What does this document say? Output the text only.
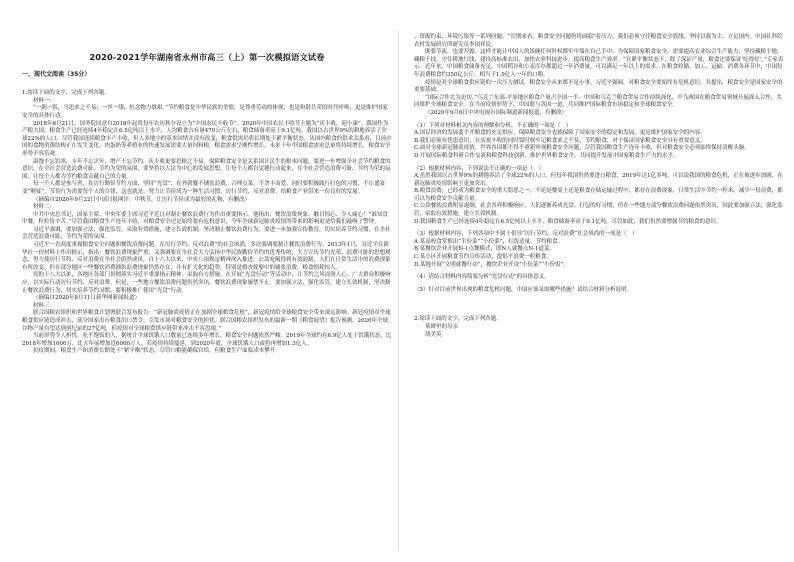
2020-2021学年湖南省永州市高三（上）第一次模拟语文试卷
一、现代文阅读（35分）

1.阅读下面的文字，完成下列各题。

材料一：

“一粥一饭，当思来之不易；一丝一缕，恒念物力维艰。”节约粮食是中华民族的美德，是尊重劳动的体现，也是和谐共荣的时代呼唤，更是维护国家安全的具体行动。

2018年6月21日，国务院同意自2018年起将每年农历秋分设立为“中国农民丰收节”。2020年中国农民丰收节主题为“庆丰收，迎小康”。我国作为产粮大国，粮食生产已经连续4年稳定在6.5亿吨以上水平，人均粮食占有量470公斤左右，粮食储备率高于9.1亿吨。我国以占世界9%的耕地养活了全球22%的人口，尽管我国连续粮食丰产丰收，但人多地少的基本国情并没有改变，粮食供需仍将长期处于紧平衡状态。从国内粮食的供求关系看，目前中国的食物消费结构正在发生变化，肉蛋奶等养殖业的快速发展需要大量饲料粮，粮食需求呈刚性增长。未来十年中国粮食需求总量将持续增长，粮食安全形势不容乐观。

温饱不忘饥寒，丰年不忘灾年，增产不忘节约，庆丰收更要思粮之不易。保障粮食安全是关系国计民生的根本问题，要进一步增强全社会节约粮食的意识，在全社会营造浪费可耻、节约为荣的氛围，要坚持以人民为中心的发展思想，让每个人都自觉地行动起来，在全社会营造浪费可耻、节约为荣的氛围，让每个人都为节约粮食贡献自己的力量。

每一个人都是参与者，在厉行勤俭节约方面，坚持“光盘”，在外就餐不铺张浪费，合理点菜，不贪丰而爱，同时要积极践行打包的习惯，不让盛宴变“剩宴”，节俭行为需要每个人的自律，这也就是，努力让节俭成为一种生活习惯，厉行节约，反对浪费，给粮食产业带来一份良好的发展。

（摘编自2020年9月22日中国日报网评：中秋节，让厉行节俭成为最好的礼物，有删改）

材料二：

中共中央总书记、国家主席、中央军委主席习近平近日对制止餐饮浪费行为作出重要指示。他指出，餐饮浪费现象，触目惊心、令人痛心！“谁知盘中餐，粒粒皆辛苦。”尽管我国粮食生产连年丰收，对粮食安全还是始终要有危机意识，今年全球新冠肺炎疫情所带来的影响更是给我们敲响了警钟。

习近平强调，要加强立法，强化监管，采取有效措施，建立长效机制，坚决制止餐饮浪费行为，要进一步加强宣传教育，切实培养节约习惯，在全社会营造浪费可耻、节约为荣的氛围。

习近平一直高度重视粮食安全问题和餐饮浪费问题，在厉行节约、反对浪费“的社会风尚，多次强调要制止餐饮浪费行为。2013年1月，习近平在新华社一份材料上作出批示，指出：餐饮浪费现象严重，又强调要在全社会大力弘扬中华民族勤俭节约的优秀传统，大力宣传节约光荣、浪费可耻的思想观念，努力使厉行节约、反对浪费在全社会蔚然成风。自十八大以来，中央八项规定精神深入推进，公款吃喝得到有效遏制，人们在日常生活中的浪费现象有所改变，但在部分地区一些餐饮消费铺张浪费现象仍然存在，并有扩大化的趋势，特别是婚丧嫁娶中的铺张浪费，粮食损耗惊人。

党的十八大以来，各地区各部门贯彻落实习近平重要指示精神，采取有力措施。在开展“光盘行动”等活动中，让节约之风浸润人心。广大群众积极响应，以实际行动厉行节约、反对浪费。但是，一些地方餐饮浪费问题仍然突出，餐饮浪费现象屡禁不止。要加强立法，强化监管，建立长效机制，坚决制止餐饮浪费行为，切实培养节约习惯，要积极推广使用“光盘”行动。

（摘编自2020年8月11日新华网新闻报道）

材料三：

联合国粮农组织和世界粮食计划署联合发布报告：“新冠肺炎疫情正在加剧全球粮食危机”，新冠疫情给全球粮食安全带来深远影响。新冠疫情对全球粮食供应链造成冲击，部分国家出台粮食出口禁令，引发市场对粮食安全的担忧。联合国粮农组织发布的最新一期《粮食展望》报告预测，2020年全球谷物产量有望达到创纪录的27亿吨，但疫情对全球粮食供应链带来冲击不容忽视。”

当前形势令人担忧。吃不饱饭的人，据统计全球饥饿人口数量已连续多年增长，粮食安全问题依然严峻。2019年全球约有6.9亿人处于饥饿状态，比2018年增加1000万，比五年前增加近6000万人。若疫情持续蔓延，到2020年底，全球饥饿人口或将再增加1.3亿人。

抗疫期间，粮食生产和消费长期处于“紧平衡”状态，尽管口粮能确保自给，但粮食生产面临成本攀升

、资源约束、环境污染等一系列问题。“长期来看，粮食安全问题仍将面临”着压力，我们必须守住粮食安全底线，坚持以我为主、立足国内。中国社科院农村发展研究所研究员李国祥说。

既要节流，也要开源。这样才能让中国人的饭碗任何时候都牢牢端在自己手中。为保障国家粮食安全，需要提高农业综合生产能力，坚持藏粮于地、藏粮于技，守住耕地红线、建设高标准农田，加快农业科技进步，提高粮食生产效率。“在紧平衡状态下，除了保证产量，粮食还要保证‘吃得好’。”专家表示。近年来，中国粮食储备充足，中国稻谷和小麦库存都超过一年消费量，可以满足一年以上的需求。在粮食收储、加工、运输、消费各环节中，中国每年浪费粮食约350亿公斤，相当于1.9亿人一年的口粮。

疫情是对全球粮食供应链的一次压力测试，粮食安全从来都不是小事。习近平强调，对粮食安全要始终有危机意识，并提出，粮食安全是国家安全的重要基础。

“国际合作尤为迫切。”乌克兰东部-平原地区粮食产量占全国一半。中国和乌克兰粮食贸易合作持续深化，中乌两国在粮食贸易领域开展深入合作，共同维护全球粮食安全。在当前疫情形势下，中国愿与各国一道，共同维护国际粮食市场稳定和全球粮食安全。

（2020年9月6日中央电视台国际频道新闻报道，有删改）

（1）下列对材料相关内容的理解和分析，不正确的一项是（　）

A.国民经济的发展离不开粮食的充足供应，保障粮食安全也就保障了国家安全的稳定和发展，更是维护国家安全的内容。

B.我们必须有忧患意识，在庆祝丰收的同时要时刻牢记粮食来之不易，节约粮食，对于保证国家粮食安全具有重要意义。

C.面对全球新冠肺炎疫情，世界各国都不得不重新审视粮食安全问题，尽管我国粮食生产连年丰收，但对粮食安全必须始终保持清醒头脑。

D.开展国际粮食科研合作交流和粮食科技创新，维护世界粮食安全，共同提升发展中国家粮食生产力的水平。

（2）根据材料内容，下列说法不正确的一项是（　）

A.虽然我国以占世界9%的耕地养活了全球22%的人口，但每年我国仍然要进口粮食，2019年达1亿多吨，可以说我国的粮食危机，正在被逐步加剧，在新冠肺炎疫情影响下更加突出。

B.粮食浪费，已经成为粮食安全的重大隐患之一，不论是餐桌上还是粮食存储运输过程中，都存在浪费现象，日常生活中节约一粒米，减少一份浪费，都可以为粮食安全贡献力量。

C.公款餐饮浪费明显遏制，社会各界积极响应，人们逐渐养成光盘、打包的好习惯，但在一些地方部分餐饮浪费问题依然突出，因此要加强立法，强化监管，采取有效措施，建立长效机制。

D.我国粮食生产已经连续4年稳定在6.5亿吨以上水平，粮食储备率高于9.1亿吨，尽管如此，我们仍然要增强节约粮食的意识。

（3）根据材料内容，下列各项中不属于倡导“厉行节约，反对浪费”社会风尚的一项是（　）

A.某高校食堂推出“半份菜”“小份菜”，打饭适量，节约粮食。

B.某餐饮企业开展N-1点餐模式，即N人就餐点N-1道菜。

C.某小区开展粮食节约宣传活动，提倡不浪费一粒粮食。

D.某地开展“文明就餐行动”，餐饮企业开设“小份菜”“小份饭”。

（4）请结合材料内容简要分析“光盘行动”的具体意义。

（5）针对目前世界出现的粮食危机问题，中国应该采取哪些措施？请结合材料分析说明。

2.阅读下面的文字，完成下列各题。

墓碑里的母亲

胡美英
